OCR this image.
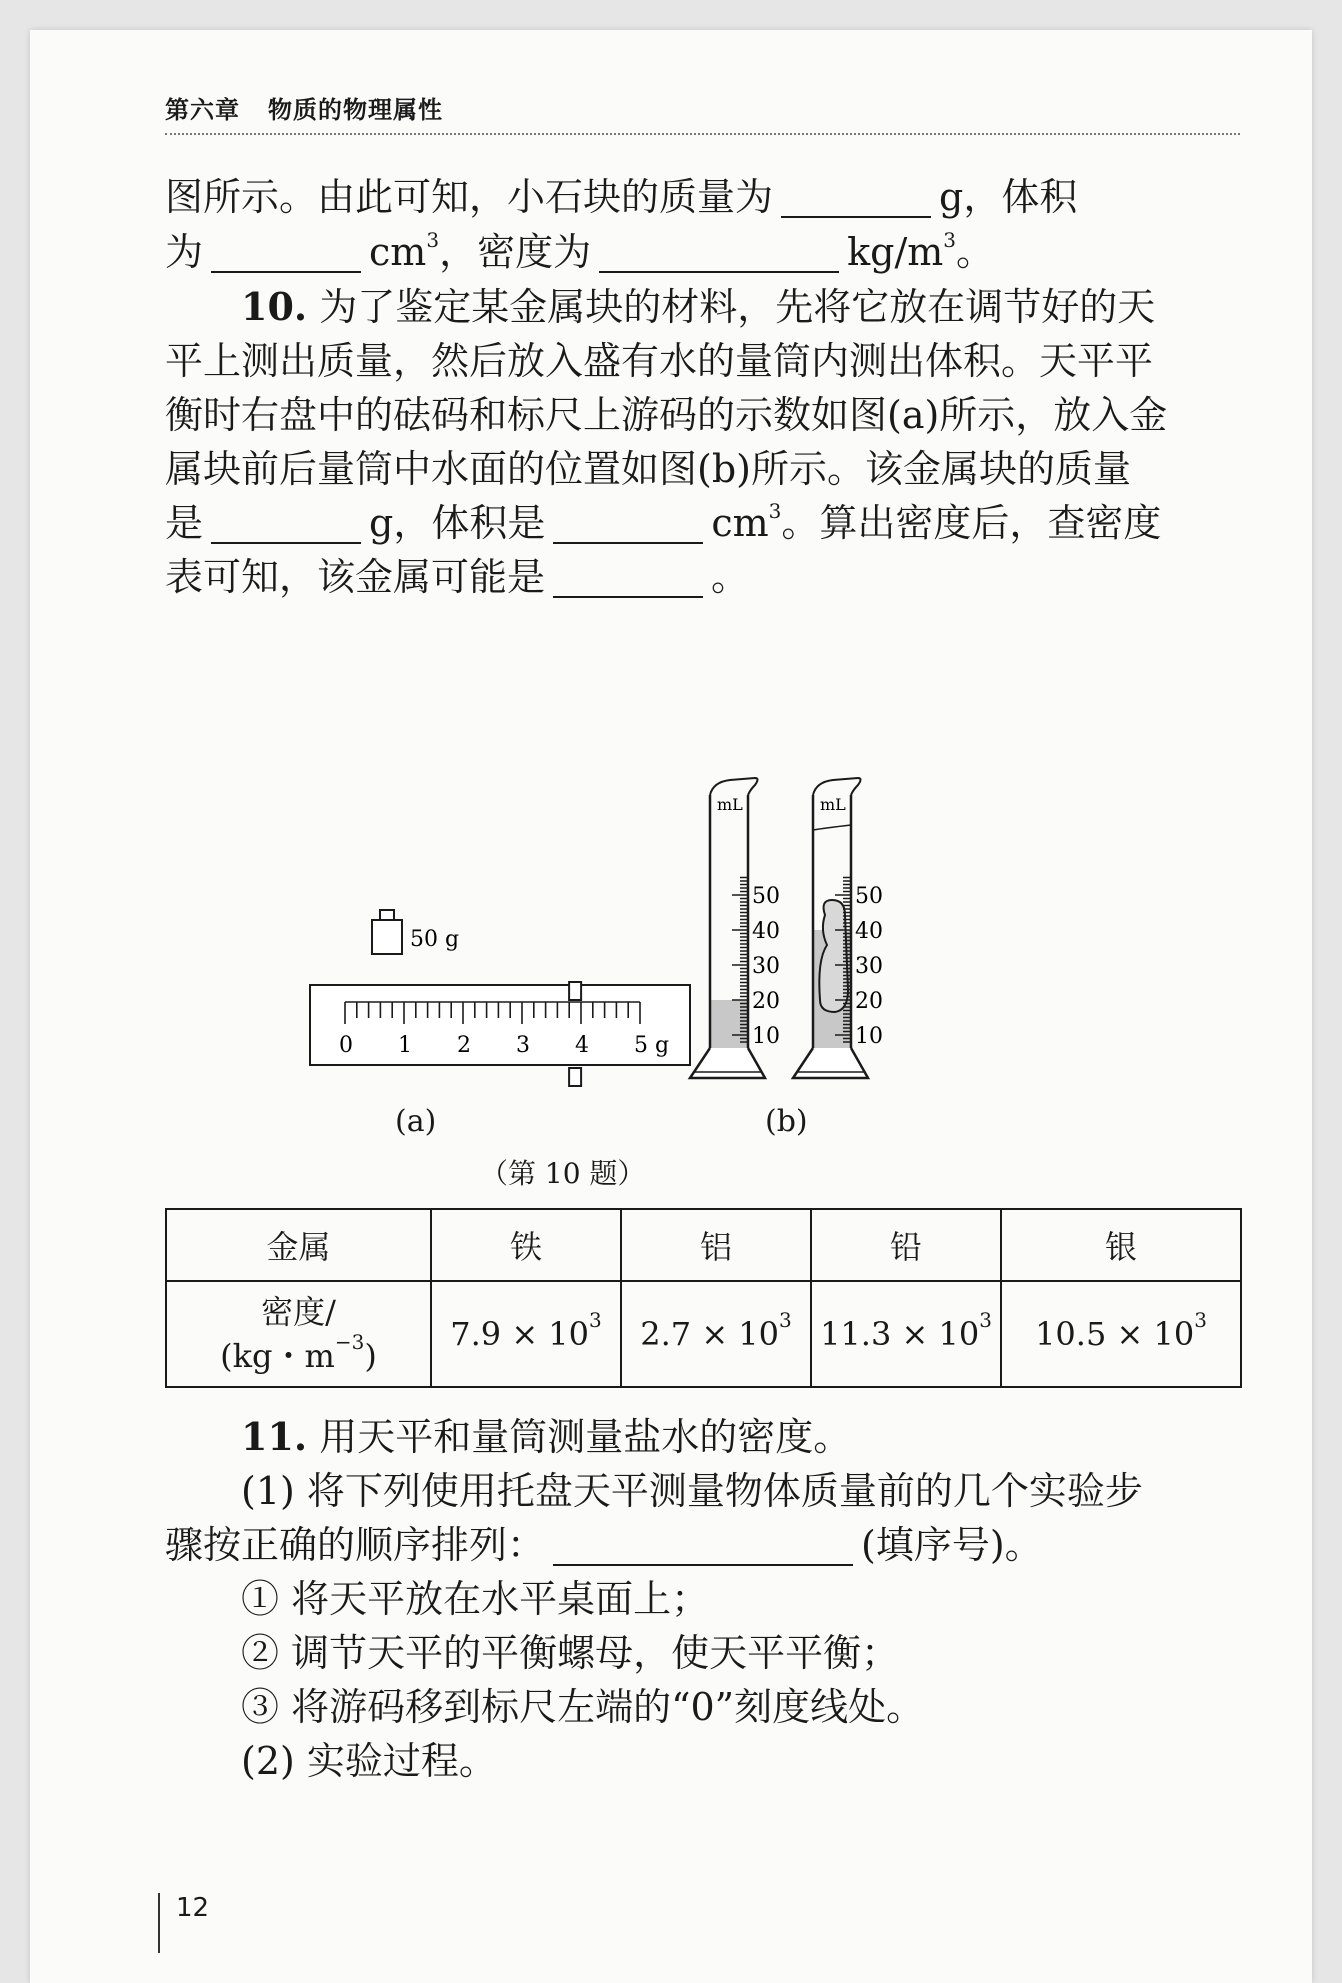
第六章 物质的物理属性
图所示。由此可知，小石块的质量为	g，体积
为	$cm^3$，密度为	$kg/m^3$。
10. 为了鉴定某金属块的材料，先将它放在调节好的天
平上测出质量，然后放入盛有水的量筒内测出体积。天平平
衡时右盘中的砝码和标尺上游码的示数如图(a)所示，放入金
属块前后量筒中水面的位置如图(b)所示。该金属块的质量
是	g，体积是	$cm^3$。算出密度后，查密度
表可知，该金属可能是	。
50 g
0 1 2 3 4 5 g
mL
50
40
30
20
10
mL
50
40
30
20
10
(a)	(b)
（第 10 题）
金属	铁	铝	铅	银
密度/
(kg・$m^{-3}$)	$7.9 \times 10^3$	$2.7 \times 10^3$	$11.3 \times 10^3$	$10.5 \times 10^3$
11. 用天平和量筒测量盐水的密度。
(1) 将下列使用托盘天平测量物体质量前的几个实验步
骤按正确的顺序排列：	(填序号)。
① 将天平放在水平桌面上；
② 调节天平的平衡螺母，使天平平衡；
③ 将游码移到标尺左端的“0”刻度线处。
(2) 实验过程。
12
